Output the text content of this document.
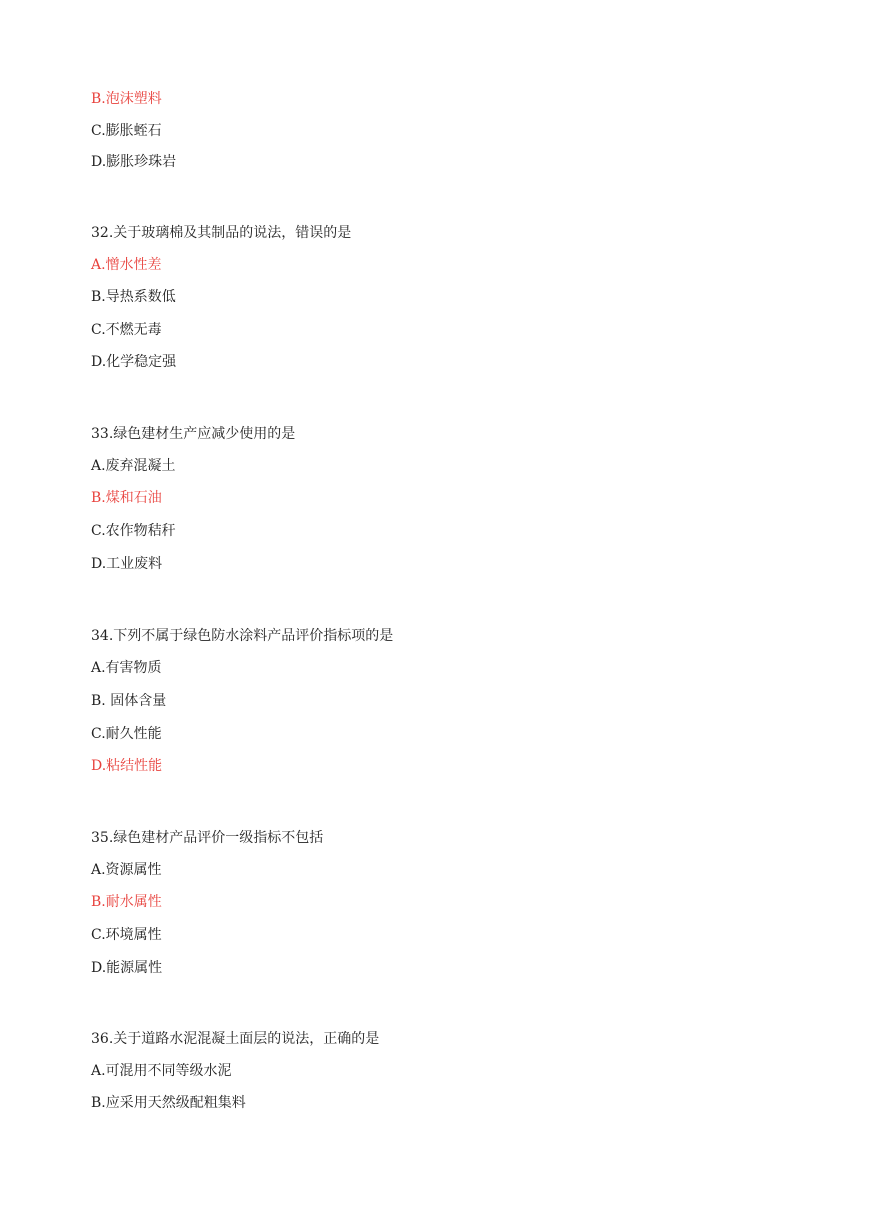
B.泡沫塑料
C.膨胀蛭石
D.膨胀珍珠岩
32.关于玻璃棉及其制品的说法，错误的是
A.憎水性差
B.导热系数低
C.不燃无毒
D.化学稳定强
33.绿色建材生产应减少使用的是
A.废弃混凝土
B.煤和石油
C.农作物秸秆
D.工业废料
34.下列不属于绿色防水涂料产品评价指标项的是
A.有害物质
B. 固体含量
C.耐久性能
D.粘结性能
35.绿色建材产品评价一级指标不包括
A.资源属性
B.耐水属性
C.环境属性
D.能源属性
36.关于道路水泥混凝土面层的说法，正确的是
A.可混用不同等级水泥
B.应采用天然级配粗集料
